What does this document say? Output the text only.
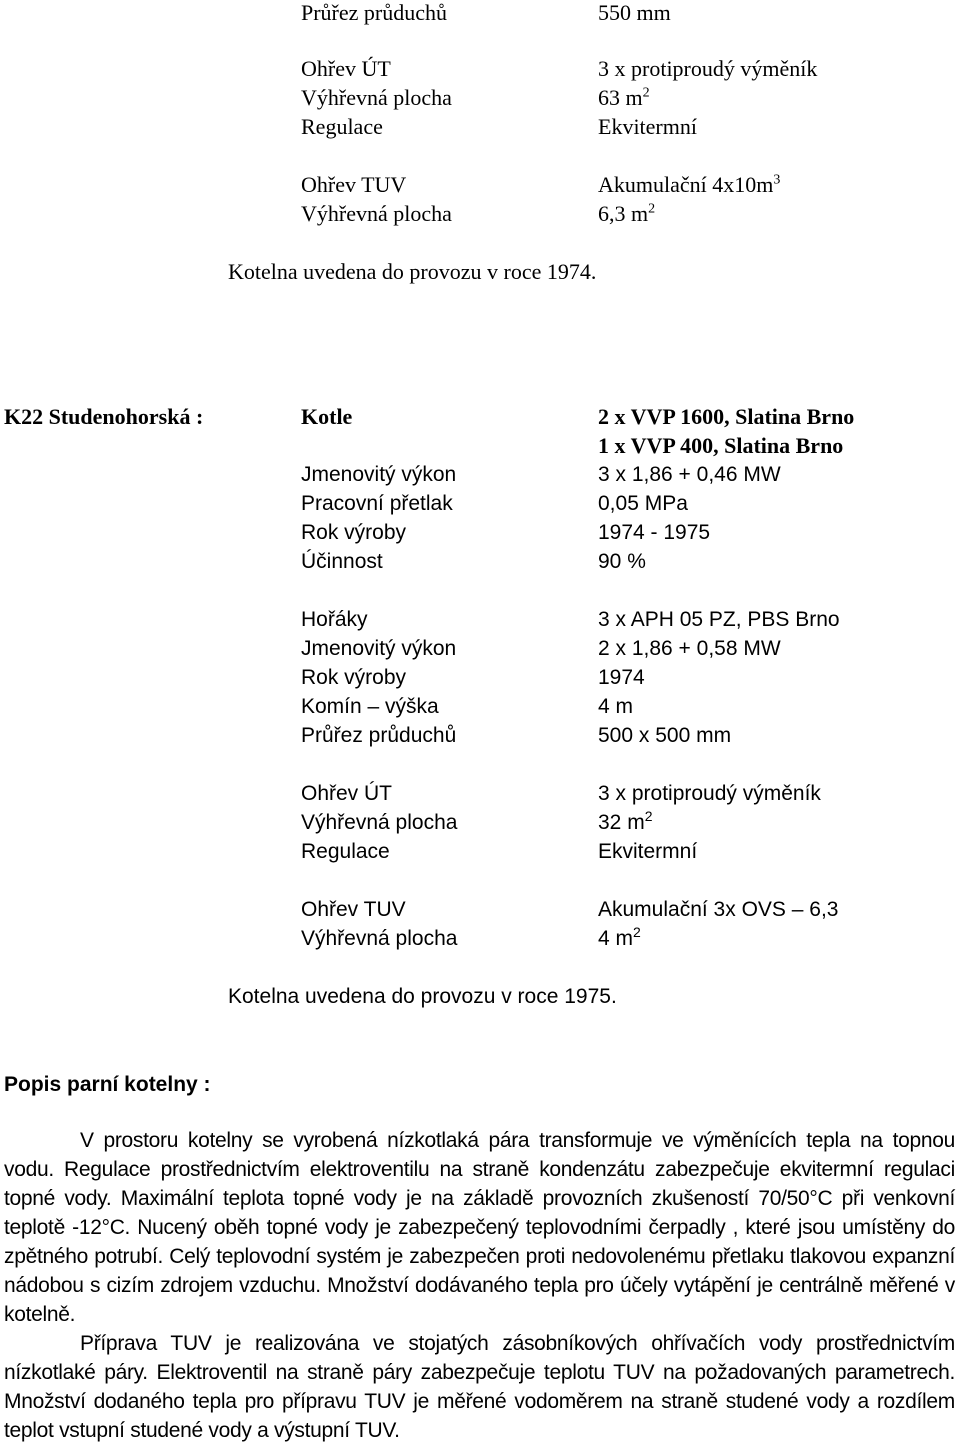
Průřez průduchů	550 mm
Ohřev ÚT	3 x protiproudý výměník
Výhřevná plocha	63 $m^2$
Regulace	Ekvitermní
Ohřev TUV	Akumulační $4x10m^3$
Výhřevná plocha	6,3 $m^2$
Kotelna uvedena do provozu v roce 1974.
K22 Studenohorská :	Kotle	2 x VVP 1600, Slatina Brno
1 x VVP 400, Slatina Brno
Jmenovitý výkon	3 x 1,86 + 0,46 MW
Pracovní přetlak	0,05 MPa
Rok výroby	1974 - 1975
Účinnost	90 %
Hořáky	3 x APH 05 PZ, PBS Brno
Jmenovitý výkon	2 x 1,86 + 0,58 MW
Rok výroby	1974
Komín – výška	4 m
Průřez průduchů	500 x 500 mm
Ohřev ÚT	3 x protiproudý výměník
Výhřevná plocha	32 $m^2$
Regulace	Ekvitermní
Ohřev TUV	Akumulační 3x OVS – 6,3
Výhřevná plocha	4 $m^2$
Kotelna uvedena do provozu v roce 1975.
Popis parní kotelny :

V prostoru kotelny se vyrobená nízkotlaká pára transformuje ve výměnících tepla na topnou vodu. Regulace prostřednictvím elektroventilu na straně kondenzátu zabezpečuje ekvitermní regulaci topné vody. Maximální teplota topné vody je na základě provozních zkušeností 70/50°C při venkovní teplotě -12°C. Nucený oběh topné vody je zabezpečený teplovodními čerpadly , které jsou umístěny do zpětného potrubí. Celý teplovodní systém je zabezpečen proti nedovolenému přetlaku tlakovou expanzní nádobou s cizím zdrojem vzduchu. Množství dodávaného tepla pro účely vytápění je centrálně měřené v kotelně.

Příprava TUV je realizována ve stojatých zásobníkových ohřívačích vody prostřednictvím nízkotlaké páry. Elektroventil na straně páry zabezpečuje teplotu TUV na požadovaných parametrech. Množství dodaného tepla pro přípravu TUV je měřené vodoměrem na straně studené vody a rozdílem teplot vstupní studené vody a výstupní TUV.
